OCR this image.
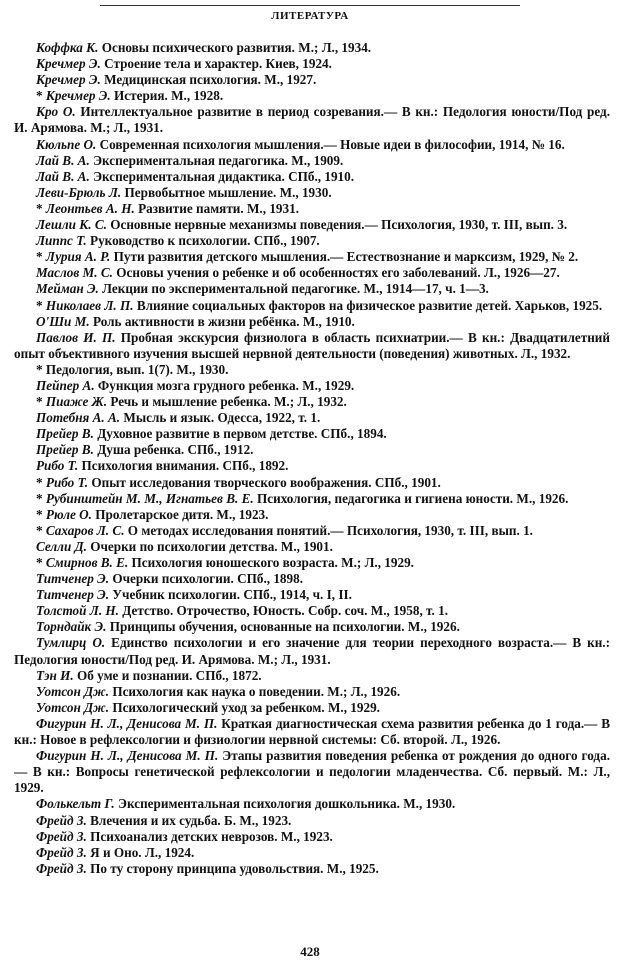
ЛИТЕРАТУРА

Коффка К. Основы психического развития. М.; Л., 1934.

Кречмер Э. Строение тела и характер. Киев, 1924.

Кречмер Э. Медицинская психология. М., 1927.

* Кречмер Э. Истерия. М., 1928.

Кро О. Интеллектуальное развитие в период созревания.— В кн.: Педология юности/Под ред. И. Арямова. М.; Л., 1931.

Кюльпе О. Современная психология мышления.— Новые идеи в философии, 1914, № 16.

Лай В. А. Экспериментальная педагогика. М., 1909.

Лай В. А. Экспериментальная дидактика. СПб., 1910.

Леви-Брюль Л. Первобытное мышление. М., 1930.

* Леонтьев А. Н. Развитие памяти. М., 1931.

Лешли К. С. Основные нервные механизмы поведения.— Психология, 1930, т. III, вып. 3.

Липпс Т. Руководство к психологии. СПб., 1907.

* Лурия А. Р. Пути развития детского мышления.— Естествознание и марксизм, 1929, № 2.

Маслов М. С. Основы учения о ребенке и об особенностях его заболеваний. Л., 1926—27.

Мейман Э. Лекции по экспериментальной педагогике. М., 1914—17, ч. 1—3.

* Николаев Л. П. Влияние социальных факторов на физическое развитие детей. Харьков, 1925.

О'Ши М. Роль активности в жизни ребёнка. М., 1910.

Павлов И. П. Пробная экскурсия физиолога в область психиатрии.— В кн.: Двадцатилетний опыт объективного изучения высшей нервной деятельности (поведения) животных. Л., 1932.

* Педология, вып. 1(7). М., 1930.

Пейпер А. Функция мозга грудного ребенка. М., 1929.

* Пиаже Ж. Речь и мышление ребенка. М.; Л., 1932.

Потебня А. А. Мысль и язык. Одесса, 1922, т. 1.

Прейер В. Духовное развитие в первом детстве. СПб., 1894.

Прейер В. Душа ребенка. СПб., 1912.

Рибо Т. Психология внимания. СПб., 1892.

* Рибо Т. Опыт исследования творческого воображения. СПб., 1901.

* Рубинштейн М. М., Игнатьев В. Е. Психология, педагогика и гигиена юности. М., 1926.

* Рюле О. Пролетарское дитя. М., 1923.

* Сахаров Л. С. О методах исследования понятий.— Психология, 1930, т. III, вып. 1.

Селли Д. Очерки по психологии детства. М., 1901.

* Смирнов В. Е. Психология юношеского возраста. М.; Л., 1929.

Титченер Э. Очерки психологии. СПб., 1898.

Титченер Э. Учебник психологии. СПб., 1914, ч. I, II.

Толстой Л. Н. Детство. Отрочество, Юность. Собр. соч. М., 1958, т. 1.

Торндайк Э. Принципы обучения, основанные на психологии. М., 1926.

Тумлирц О. Единство психологии и его значение для теории переходного возраста.— В кн.: Педология юности/Под ред. И. Арямова. М.; Л., 1931.

Тэн И. Об уме и познании. СПб., 1872.

Уотсон Дж. Психология как наука о поведении. М.; Л., 1926.

Уотсон Дж. Психологический уход за ребенком. М., 1929.

Фигурин Н. Л., Денисова М. П. Краткая диагностическая схема развития ребенка до 1 года.— В кн.: Новое в рефлексологии и физиологии нервной системы: Сб. второй. Л., 1926.

Фигурин Н. Л., Денисова М. П. Этапы развития поведения ребенка от рождения до одного года.— В кн.: Вопросы генетической рефлексологии и педологии младенчества. Сб. первый. М.: Л., 1929.

Фолькельт Г. Экспериментальная психология дошкольника. М., 1930.

Фрейд З. Влечения и их судьба. Б. М., 1923.

Фрейд З. Психоанализ детских неврозов. М., 1923.

Фрейд З. Я и Оно. Л., 1924.

Фрейд З. По ту сторону принципа удовольствия. М., 1925.

428
